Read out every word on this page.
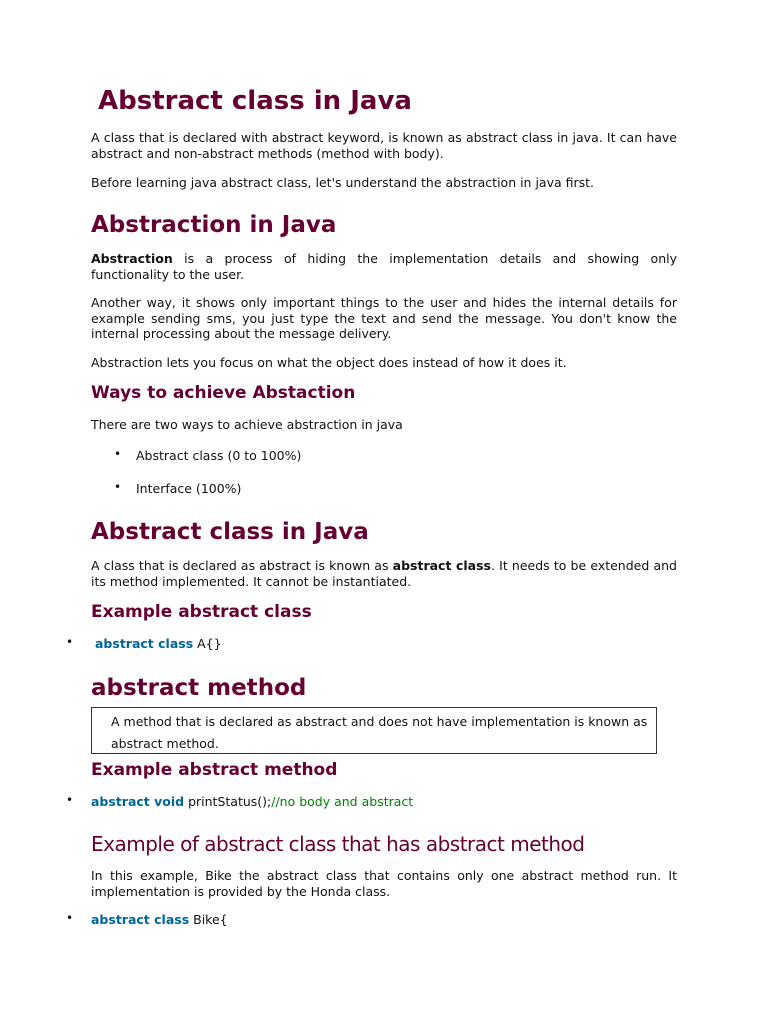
Abstract class in Java
A class that is declared with abstract keyword, is known as abstract class in java. It can have abstract and non-abstract methods (method with body).
Before learning java abstract class, let's understand the abstraction in java first.
Abstraction in Java
Abstraction is a process of hiding the implementation details and showing only functionality to the user.
Another way, it shows only important things to the user and hides the internal details for example sending sms, you just type the text and send the message. You don't know the internal processing about the message delivery.
Abstraction lets you focus on what the object does instead of how it does it.
Ways to achieve Abstaction
There are two ways to achieve abstraction in java
• Abstract class (0 to 100%)
• Interface (100%)
Abstract class in Java
A class that is declared as abstract is known as abstract class. It needs to be extended and its method implemented. It cannot be instantiated.
Example abstract class
• abstract class A{}
abstract method
A method that is declared as abstract and does not have implementation is known as abstract method.
Example abstract method
• abstract void printStatus();//no body and abstract
Example of abstract class that has abstract method
In this example, Bike the abstract class that contains only one abstract method run. It implementation is provided by the Honda class.
• abstract class Bike{
